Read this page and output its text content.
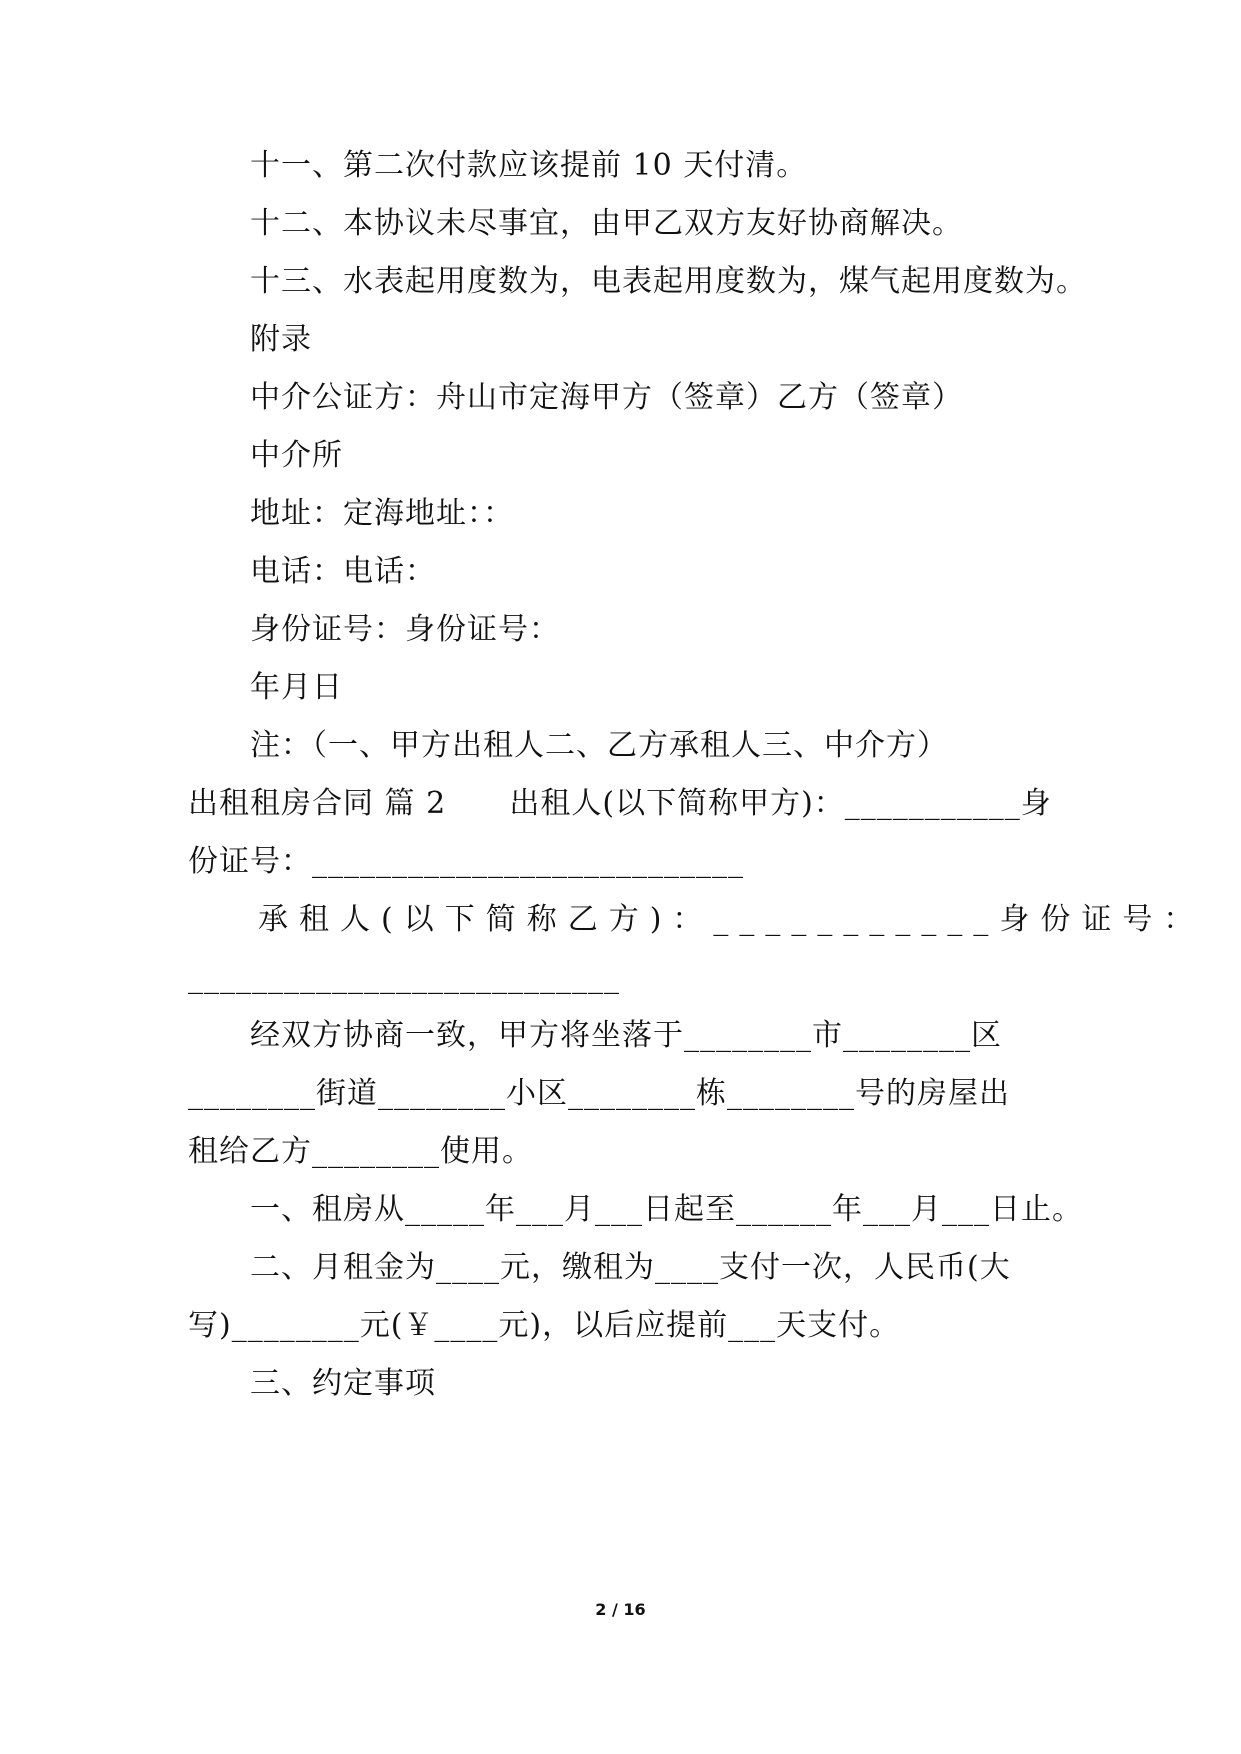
十一、第二次付款应该提前 10 天付清。
十二、本协议未尽事宜，由甲乙双方友好协商解决。
十三、水表起用度数为，电表起用度数为，煤气起用度数为。
附录
中介公证方：舟山市定海甲方（签章）乙方（签章）
中介所
地址：定海地址：：
电话：电话：
身份证号：身份证号：
年月日
注：（一、甲方出租人二、乙方承租人三、中介方）
出租租房合同 篇 2      出租人(以下简称甲方)：___________身
份证号：___________________________
承租人(以下简称乙方)：___________身份证号：
___________________________
经双方协商一致，甲方将坐落于________市________区
________街道________小区________栋________号的房屋出
租给乙方________使用。
一、租房从_____年___月___日起至______年___月___日止。
二、月租金为____元，缴租为____支付一次，人民币(大
写)________元(￥____元)，以后应提前___天支付。
三、约定事项
2 / 16
